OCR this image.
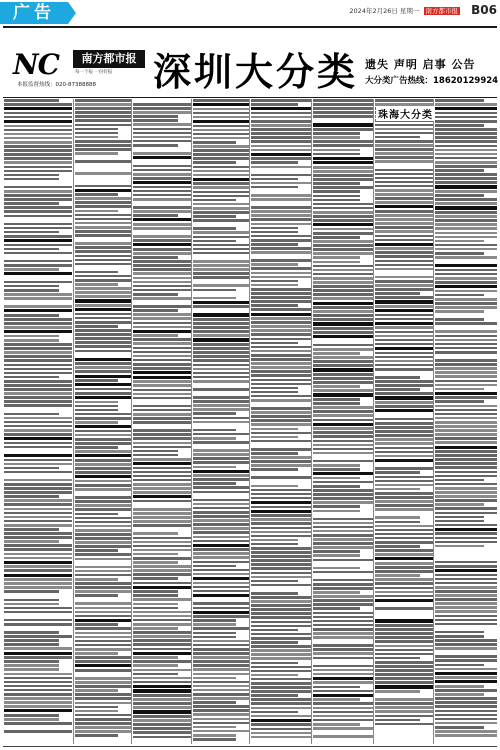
广告	2024年2月26日 星期一 南方都市报 B06
NC	南方都市报
每一个报 一份好报
本报监督热线：020-87388888 深圳大分类 遗失 声明 启事 公告
大分类广告热线：18620129924
珠海大分类
